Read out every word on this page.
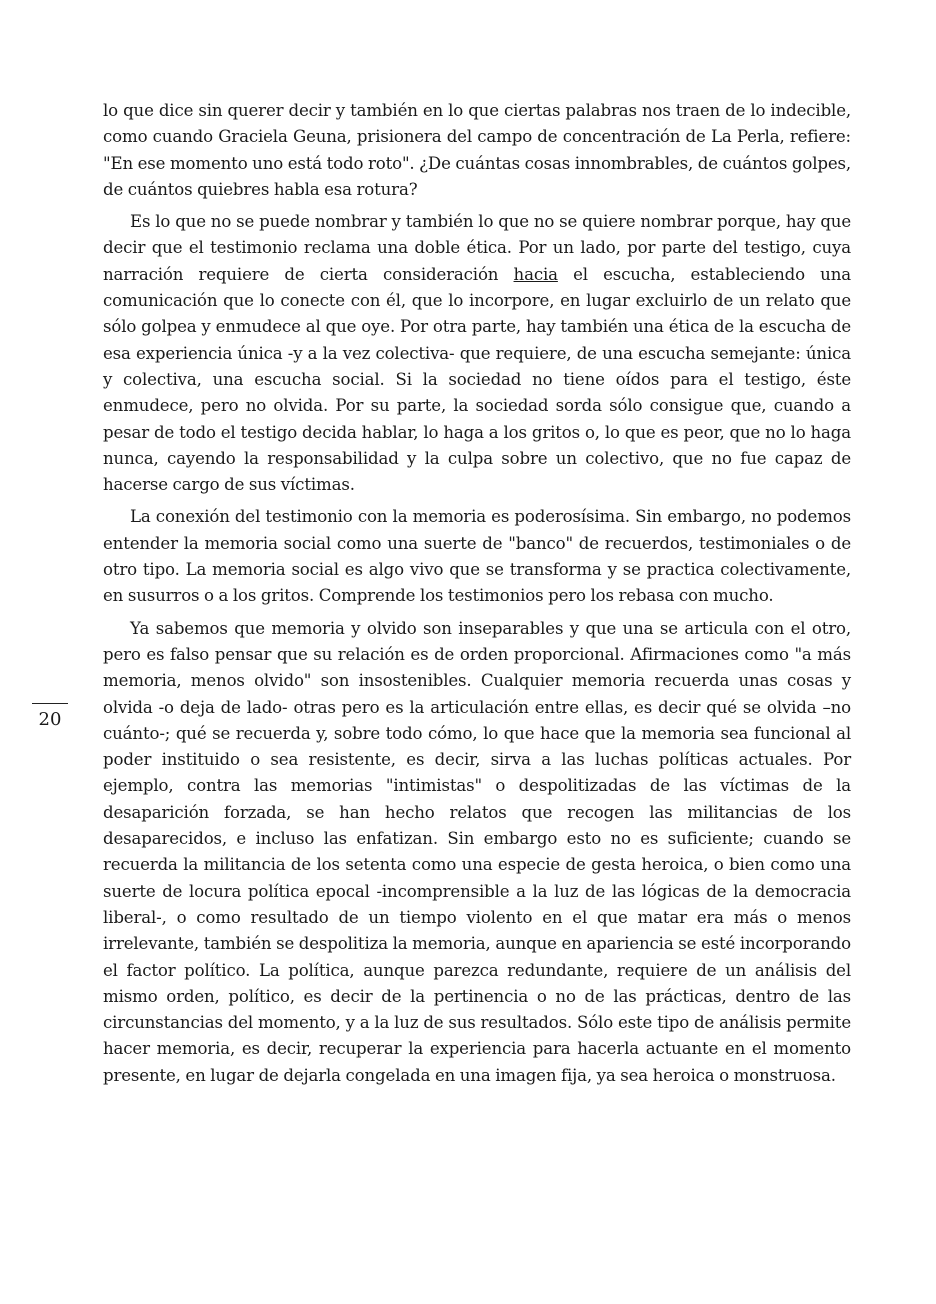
lo que dice sin querer decir y también en lo que ciertas palabras nos traen de lo indecible, como cuando Graciela Geuna, prisionera del campo de concentración de La Perla, refiere: "En ese momento uno está todo roto". ¿De cuántas cosas innombrables, de cuántos golpes, de cuántos quiebres habla esa rotura?

Es lo que no se puede nombrar y también lo que no se quiere nombrar porque, hay que decir que el testimonio reclama una doble ética. Por un lado, por parte del testigo, cuya narración requiere de cierta consideración hacia el escucha, estableciendo una comunicación que lo conecte con él, que lo incorpore, en lugar excluirlo de un relato que sólo golpea y enmudece al que oye. Por otra parte, hay también una ética de la escucha de esa experiencia única -y a la vez colectiva- que requiere, de una escucha semejante: única y colectiva, una escucha social. Si la sociedad no tiene oídos para el testigo, éste enmudece, pero no olvida. Por su parte, la sociedad sorda sólo consigue que, cuando a pesar de todo el testigo decida hablar, lo haga a los gritos o, lo que es peor, que no lo haga nunca, cayendo la responsabilidad y la culpa sobre un colectivo, que no fue capaz de hacerse cargo de sus víctimas.

La conexión del testimonio con la memoria es poderosísima. Sin embargo, no podemos entender la memoria social como una suerte de "banco" de recuerdos, testimoniales o de otro tipo. La memoria social es algo vivo que se transforma y se practica colectivamente, en susurros o a los gritos. Comprende los testimonios pero los rebasa con mucho.

Ya sabemos que memoria y olvido son inseparables y que una se articula con el otro, pero es falso pensar que su relación es de orden proporcional. Afirmaciones como "a más memoria, menos olvido" son insostenibles. Cualquier memoria recuerda unas cosas y olvida -o deja de lado- otras pero es la articulación entre ellas, es decir qué se olvida –no cuánto-; qué se recuerda y, sobre todo cómo, lo que hace que la memoria sea funcional al poder instituido o sea resistente, es decir, sirva a las luchas políticas actuales. Por ejemplo, contra las memorias "intimistas" o despolitizadas de las víctimas de la desaparición forzada, se han hecho relatos que recogen las militancias de los desaparecidos, e incluso las enfatizan. Sin embargo esto no es suficiente; cuando se recuerda la militancia de los setenta como una especie de gesta heroica, o bien como una suerte de locura política epocal -incomprensible a la luz de las lógicas de la democracia liberal-, o como resultado de un tiempo violento en el que matar era más o menos irrelevante, también se despolitiza la memoria, aunque en apariencia se esté incorporando el factor político. La política, aunque parezca redundante, requiere de un análisis del mismo orden, político, es decir de la pertinencia o no de las prácticas, dentro de las circunstancias del momento, y a la luz de sus resultados. Sólo este tipo de análisis permite hacer memoria, es decir, recuperar la experiencia para hacerla actuante en el momento presente, en lugar de dejarla congelada en una imagen fija, ya sea heroica o monstruosa.

20
